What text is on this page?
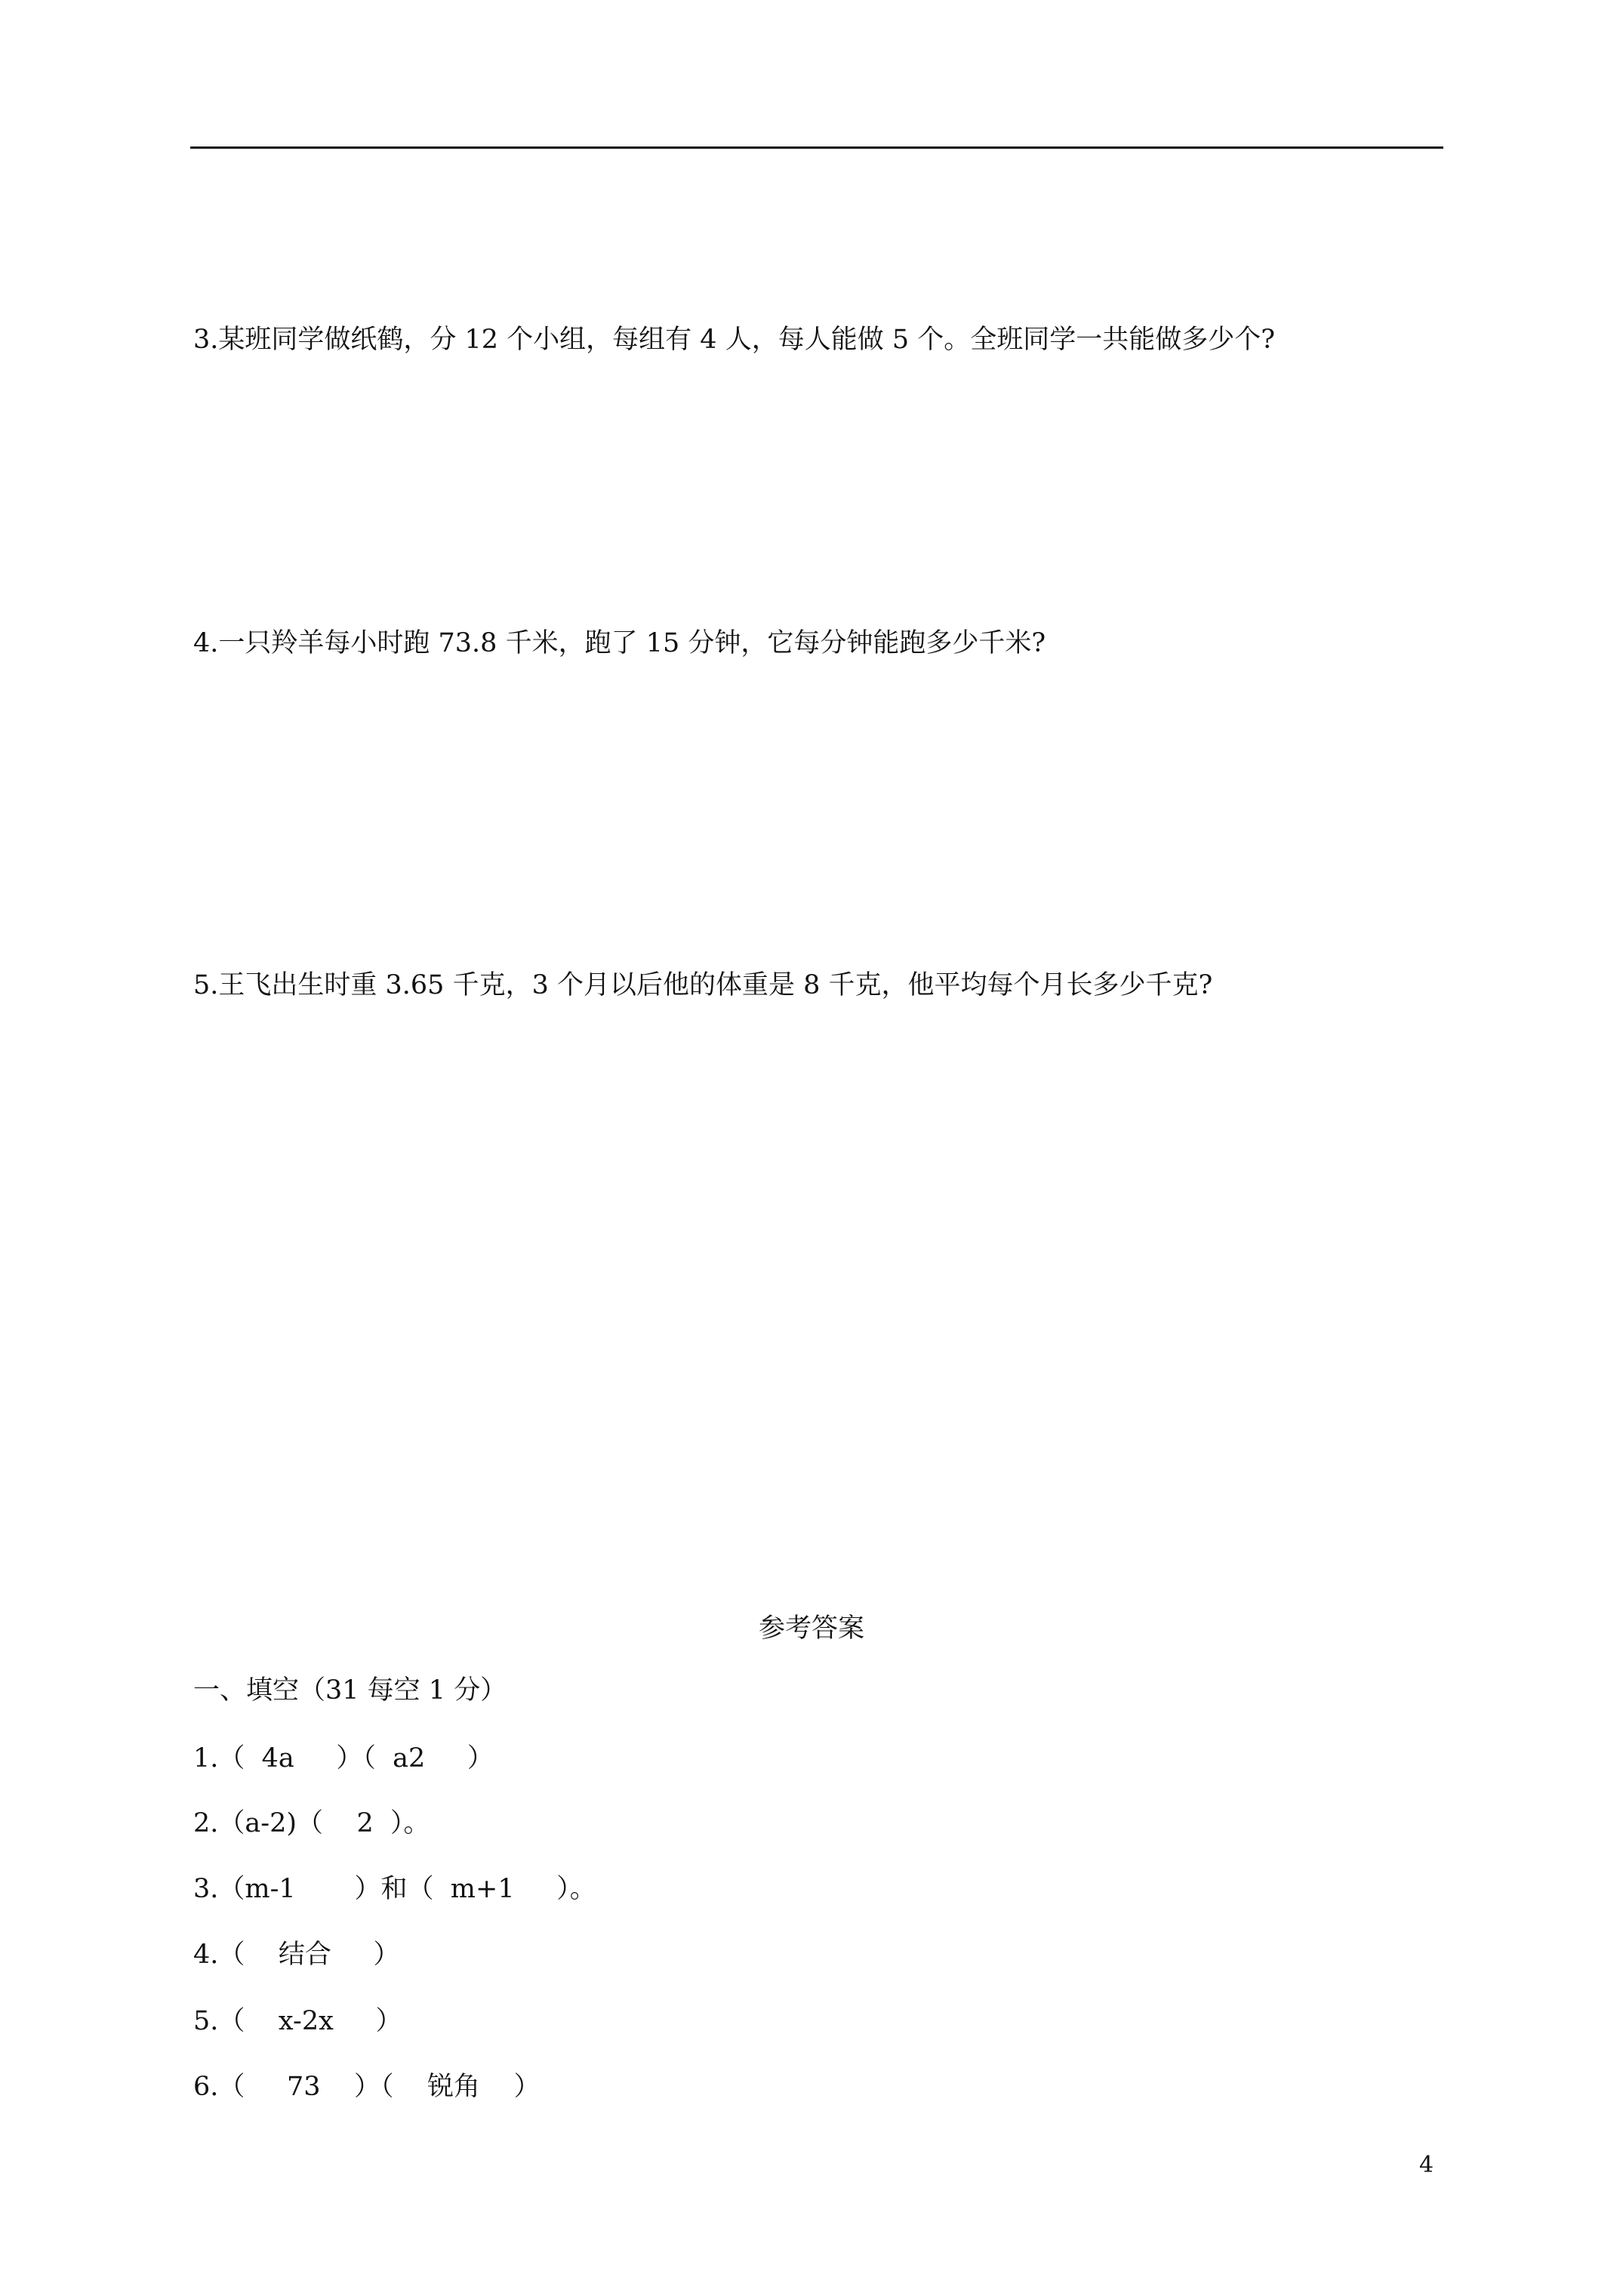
3.某班同学做纸鹤，分 12 个小组，每组有 4 人，每人能做 5 个。全班同学一共能做多少个?
4.一只羚羊每小时跑 73.8 千米，跑了 15 分钟，它每分钟能跑多少千米?
5.王飞出生时重 3.65 千克，3 个月以后他的体重是 8 千克，他平均每个月长多少千克?
参考答案
一、填空（31 每空 1 分）
1.（  4a     ）（  a2     ）
2.（a-2)（    2  ）。
3.（m-1       ）和（  m+1     ）。
4.（    结合     ）
5.（    x-2x     ）
6.（     73    ）（    锐角    ）
4
